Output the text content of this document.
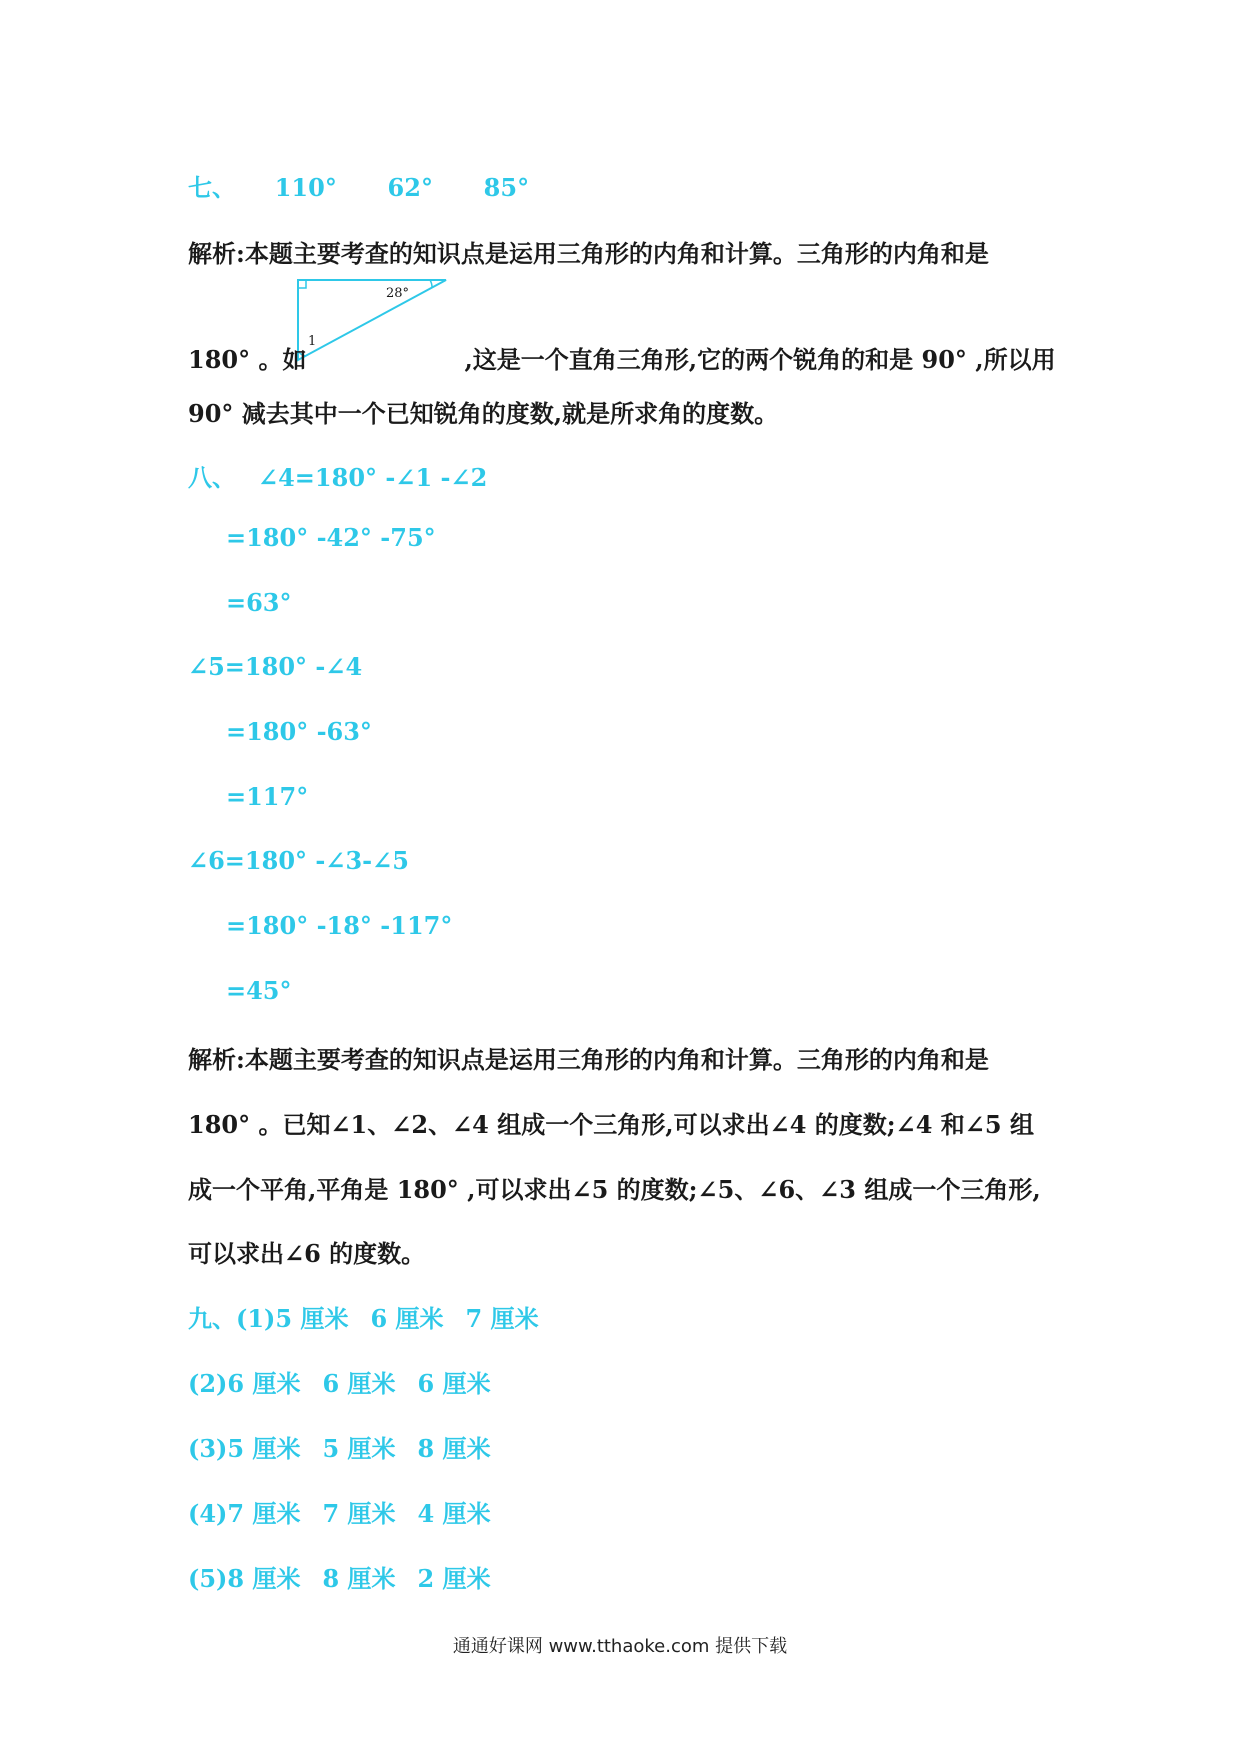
七、 110° 62° 85°
解析:本题主要考查的知识点是运用三角形的内角和计算。三角形的内角和是
28°
1
180° 。如	,这是一个直角三角形,它的两个锐角的和是 90° ,所以用
90° 减去其中一个已知锐角的度数,就是所求角的度数。
八、 ∠4=180° -∠1 -∠2
=180° -42° -75°
=63°
∠5=180° -∠4
=180° -63°
=117°
∠6=180° -∠3-∠5
=180° -18° -117°
=45°
解析:本题主要考查的知识点是运用三角形的内角和计算。三角形的内角和是
180° 。已知∠1、∠2、∠4 组成一个三角形,可以求出∠4 的度数;∠4 和∠5 组
成一个平角,平角是 180° ,可以求出∠5 的度数;∠5、∠6、∠3 组成一个三角形,
可以求出∠6 的度数。
九、(1)5 厘米 6 厘米 7 厘米
(2)6 厘米 6 厘米 6 厘米
(3)5 厘米 5 厘米 8 厘米
(4)7 厘米 7 厘米 4 厘米
(5)8 厘米 8 厘米 2 厘米
通通好课网 www.tthaoke.com 提供下载
